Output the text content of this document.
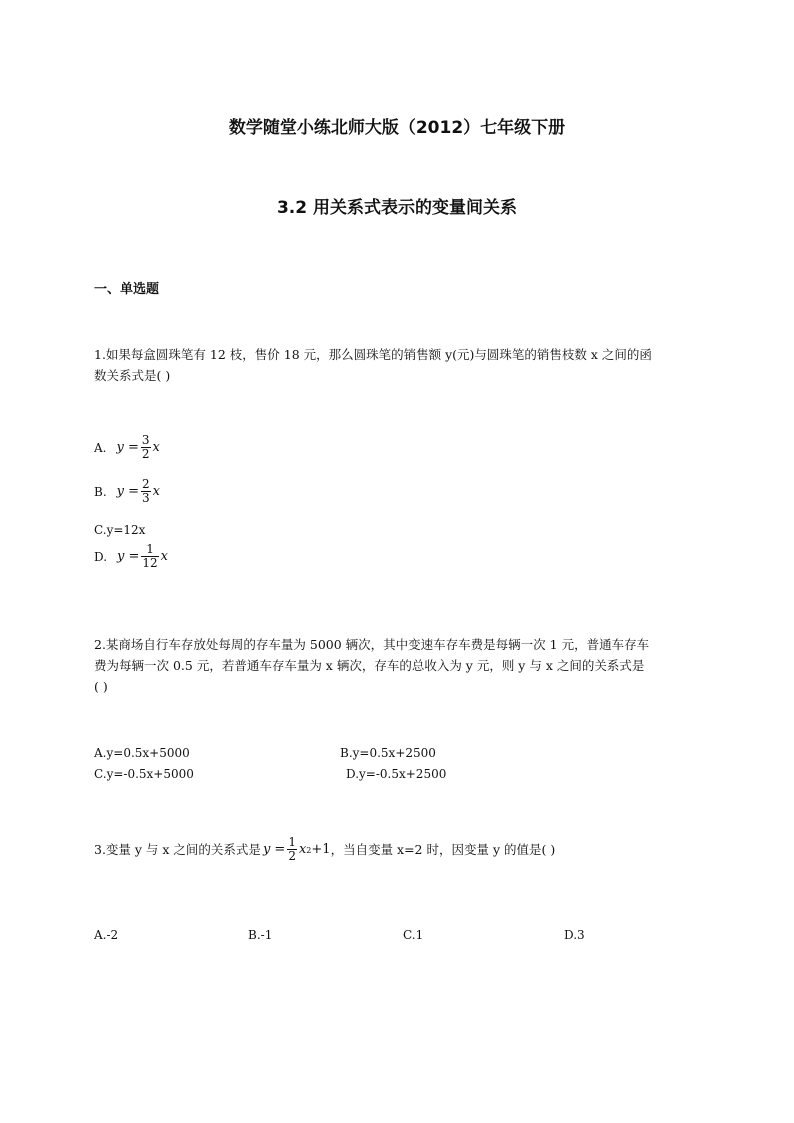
数学随堂小练北师大版（2012）七年级下册
3.2 用关系式表示的变量间关系
一、单选题
1.如果每盒圆珠笔有 12 枝，售价 18 元，那么圆珠笔的销售额 y(元)与圆珠笔的销售枝数 x 之间的函
数关系式是( )
A. $y = \frac{3}{2}$ x
B. $y = \frac{2}{3}$ x
C.y=12x
D. $y = \frac{1}{12}$ x
2.某商场自行车存放处每周的存车量为 5000 辆次，其中变速车存车费是每辆一次 1 元，普通车存车
费为每辆一次 0.5 元，若普通车存车量为 x 辆次，存车的总收入为 y 元，则 y 与 x 之间的关系式是
( )
A.y=0.5x+5000	B.y=0.5x+2500
C.y=-0.5x+5000	D.y=-0.5x+2500
3.变量 y 与 x 之间的关系式是 $y = \frac{1}{2}$ x 2 +1 ，当自变量 x=2 时，因变量 y 的值是( )
A.-2	B.-1	C.1	D.3
